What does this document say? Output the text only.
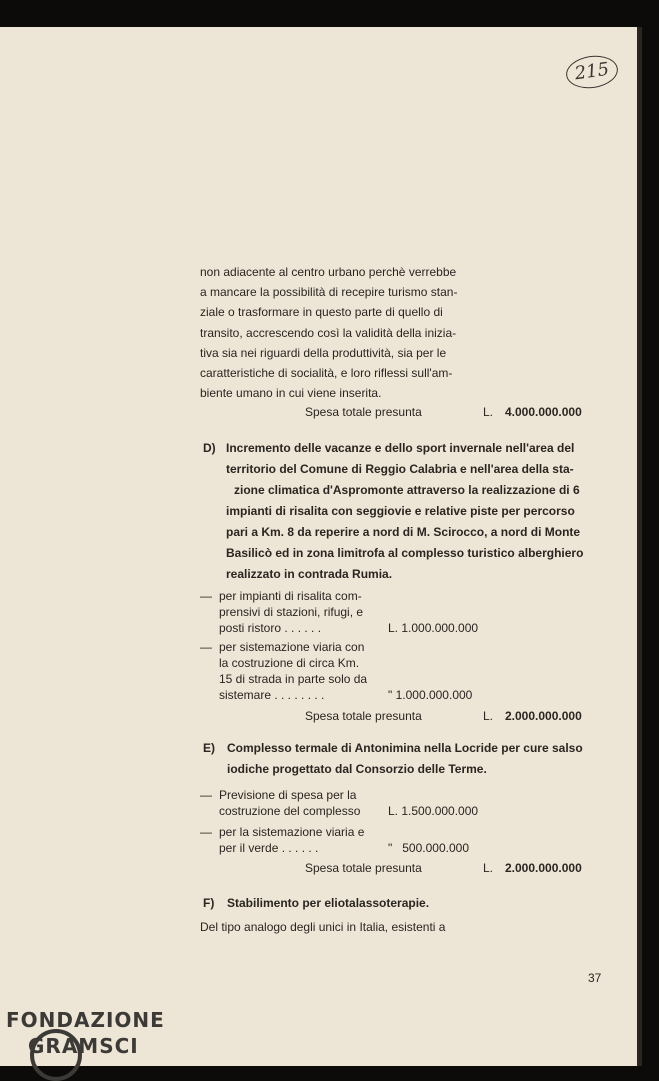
215
non adiacente al centro urbano perchè verrebbe
a mancare la possibilità di recepire turismo stan-
ziale o trasformare in questo parte di quello di
transito, accrescendo così la validità della inizia-
tiva sia nei riguardi della produttività, sia per le
caratteristiche di socialità, e loro riflessi sull'am-
biente umano in cui viene inserita.
Spesa totale presunta	L. 4.000.000.000
D) Incremento delle vacanze e dello sport invernale nell'area del
territorio del Comune di Reggio Calabria e nell'area della sta-
zione climatica d'Aspromonte attraverso la realizzazione di 6
impianti di risalita con seggiovie e relative piste per percorso
pari a Km. 8 da reperire a nord di M. Scirocco, a nord di Monte
Basilicò ed in zona limitrofa al complesso turistico alberghiero
realizzato in contrada Rumia.
— per impianti di risalita com-
prensivi di stazioni, rifugi, e
posti ristoro . . . . . .	L. 1.000.000.000
— per sistemazione viaria con
la costruzione di circa Km.
15 di strada in parte solo da
sistemare . . . . . . . .	" 1.000.000.000
Spesa totale presunta	L. 2.000.000.000
E) Complesso termale di Antonimina nella Locride per cure salso
iodiche progettato dal Consorzio delle Terme.
— Previsione di spesa per la
costruzione del complesso L. 1.500.000.000
— per la sistemazione viaria e
per il verde . . . . . .	"   500.000.000
Spesa totale presunta	L. 2.000.000.000
F) Stabilimento per eliotalassoterapie.
Del tipo analogo degli unici in Italia, esistenti a
37
FONDAZIONE
GRAMSCI
